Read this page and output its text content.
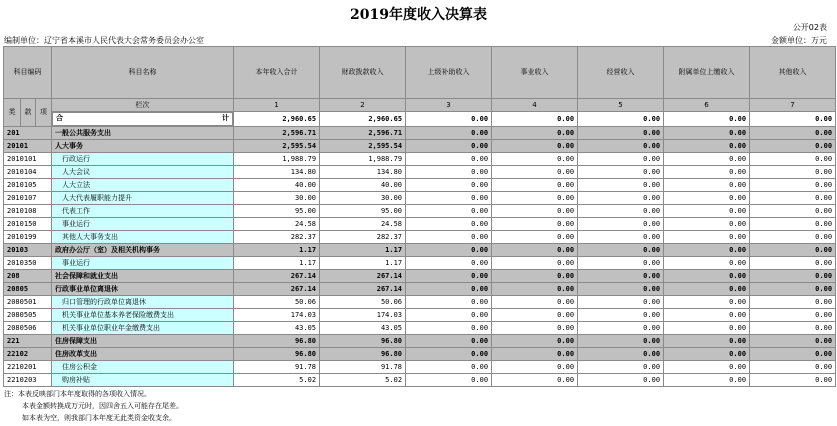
2019年度收入决算表
公开02表
编制单位：辽宁省本溪市人民代表大会常务委员会办公室	金额单位：万元
科目编码			科目名称	本年收入合计	财政拨款收入	上级补助收入	事业收入	经营收入	附属单位上缴收入	其他收入
类	款	项	栏次	1	2	3	4	5	6	7

合	计	2,960.65	2,960.65	0.00	0.00	0.00	0.00	0.00
201			一般公共服务支出	2,596.71	2,596.71	0.00	0.00	0.00	0.00	0.00
20101			人大事务	2,595.54	2,595.54	0.00	0.00	0.00	0.00	0.00
2010101			行政运行	1,988.79	1,988.79	0.00	0.00	0.00	0.00	0.00
2010104			人大会议	134.80	134.80	0.00	0.00	0.00	0.00	0.00
2010105			人大立法	40.00	40.00	0.00	0.00	0.00	0.00	0.00
2010107			人大代表履职能力提升	30.00	30.00	0.00	0.00	0.00	0.00	0.00
2010108			代表工作	95.00	95.00	0.00	0.00	0.00	0.00	0.00
2010150			事业运行	24.58	24.58	0.00	0.00	0.00	0.00	0.00
2010199			其他人大事务支出	282.37	282.37	0.00	0.00	0.00	0.00	0.00
20103			政府办公厅（室）及相关机构事务	1.17	1.17	0.00	0.00	0.00	0.00	0.00
2010350			事业运行	1.17	1.17	0.00	0.00	0.00	0.00	0.00
208			社会保障和就业支出	267.14	267.14	0.00	0.00	0.00	0.00	0.00
20805			行政事业单位离退休	267.14	267.14	0.00	0.00	0.00	0.00	0.00
2080501			归口管理的行政单位离退休	50.06	50.06	0.00	0.00	0.00	0.00	0.00
2080505			机关事业单位基本养老保险缴费支出	174.03	174.03	0.00	0.00	0.00	0.00	0.00
2080506			机关事业单位职业年金缴费支出	43.05	43.05	0.00	0.00	0.00	0.00	0.00
221			住房保障支出	96.80	96.80	0.00	0.00	0.00	0.00	0.00
22102			住房改革支出	96.80	96.80	0.00	0.00	0.00	0.00	0.00
2210201			住房公积金	91.78	91.78	0.00	0.00	0.00	0.00	0.00
2210203			购房补贴	5.02	5.02	0.00	0.00	0.00	0.00	0.00
注：本表反映部门本年度取得的各项收入情况。
本表金额转换成万元时，因四舍五入可能存在尾差。
如本表为空，则我部门本年度无此类资金收支余。
